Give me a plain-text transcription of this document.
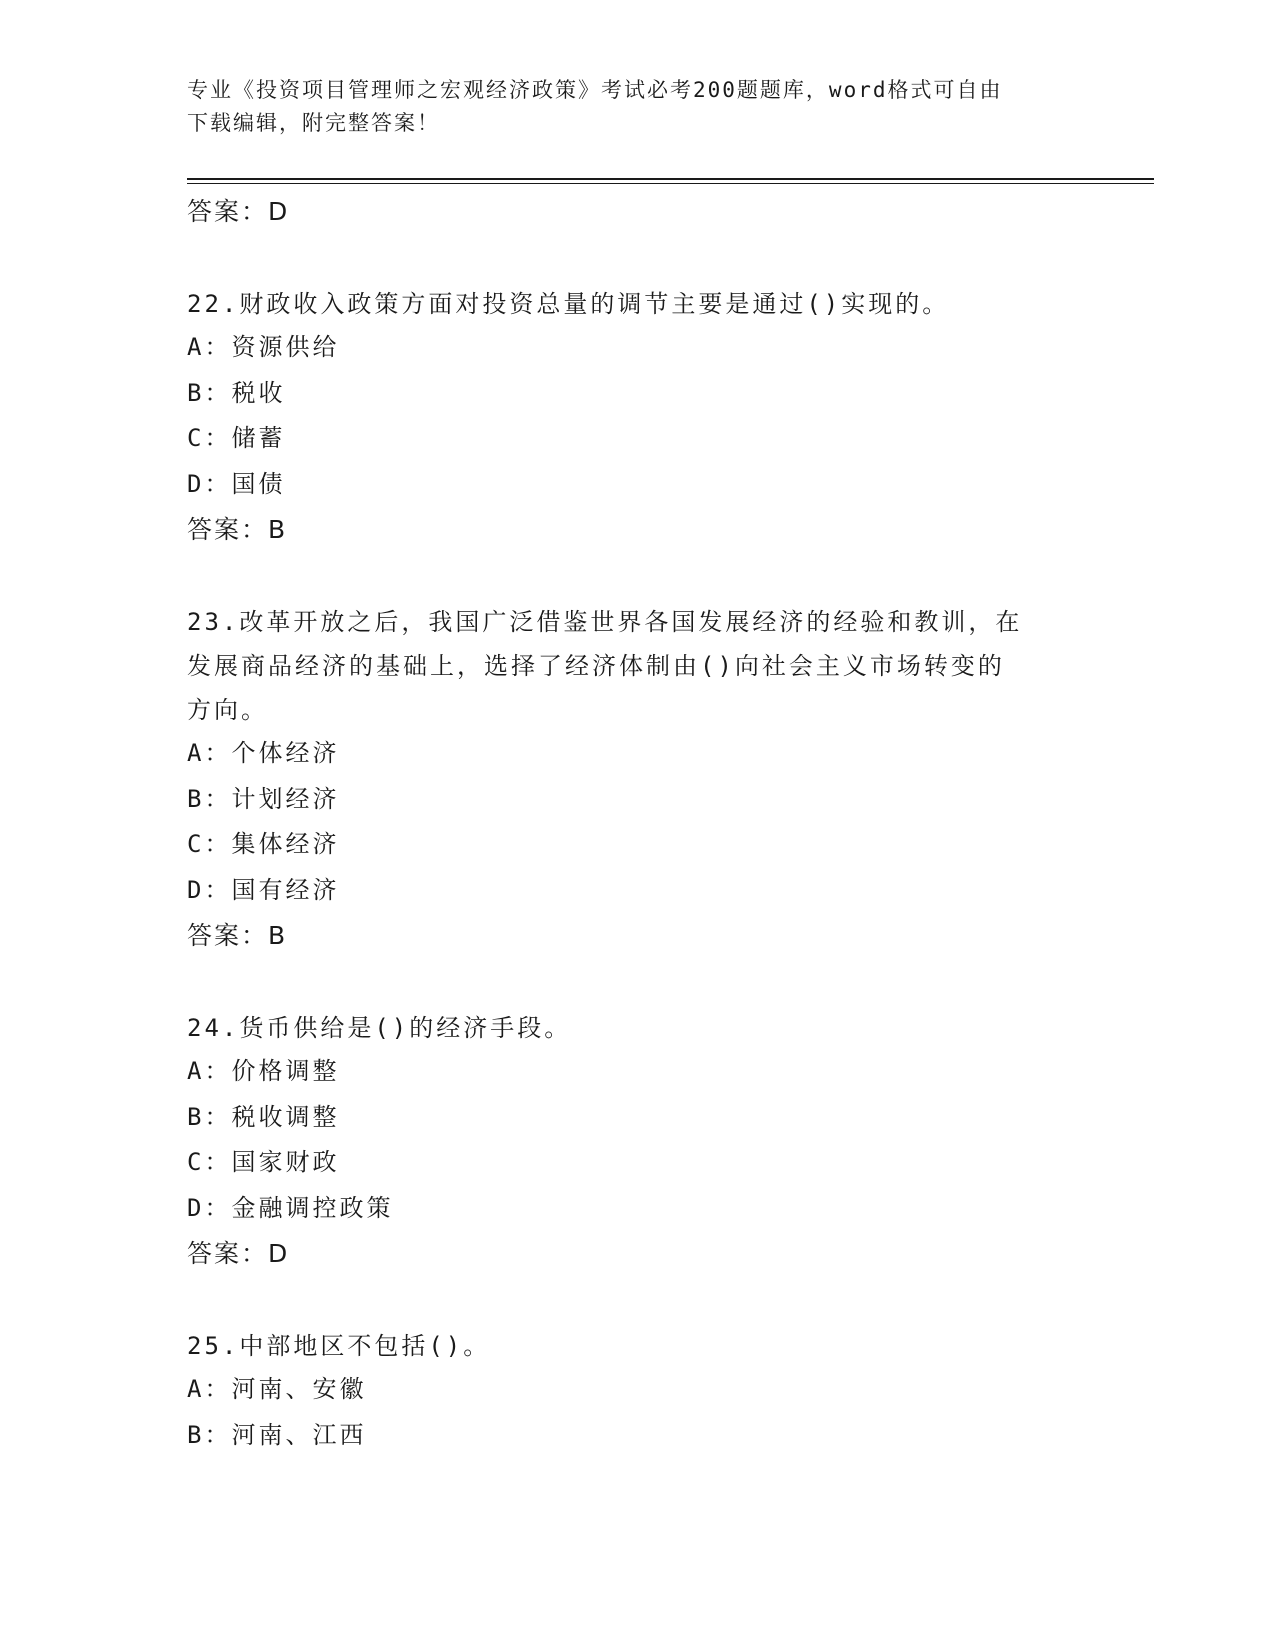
专业《投资项目管理师之宏观经济政策》考试必考200题题库，word格式可自由
下载编辑，附完整答案！
答案：D
22.财政收入政策方面对投资总量的调节主要是通过()实现的。
A：资源供给
B：税收
C：储蓄
D：国债
答案：B
23.改革开放之后，我国广泛借鉴世界各国发展经济的经验和教训，在
发展商品经济的基础上，选择了经济体制由()向社会主义市场转变的
方向。
A：个体经济
B：计划经济
C：集体经济
D：国有经济
答案：B
24.货币供给是()的经济手段。
A：价格调整
B：税收调整
C：国家财政
D：金融调控政策
答案：D
25.中部地区不包括()。
A：河南、安徽
B：河南、江西
